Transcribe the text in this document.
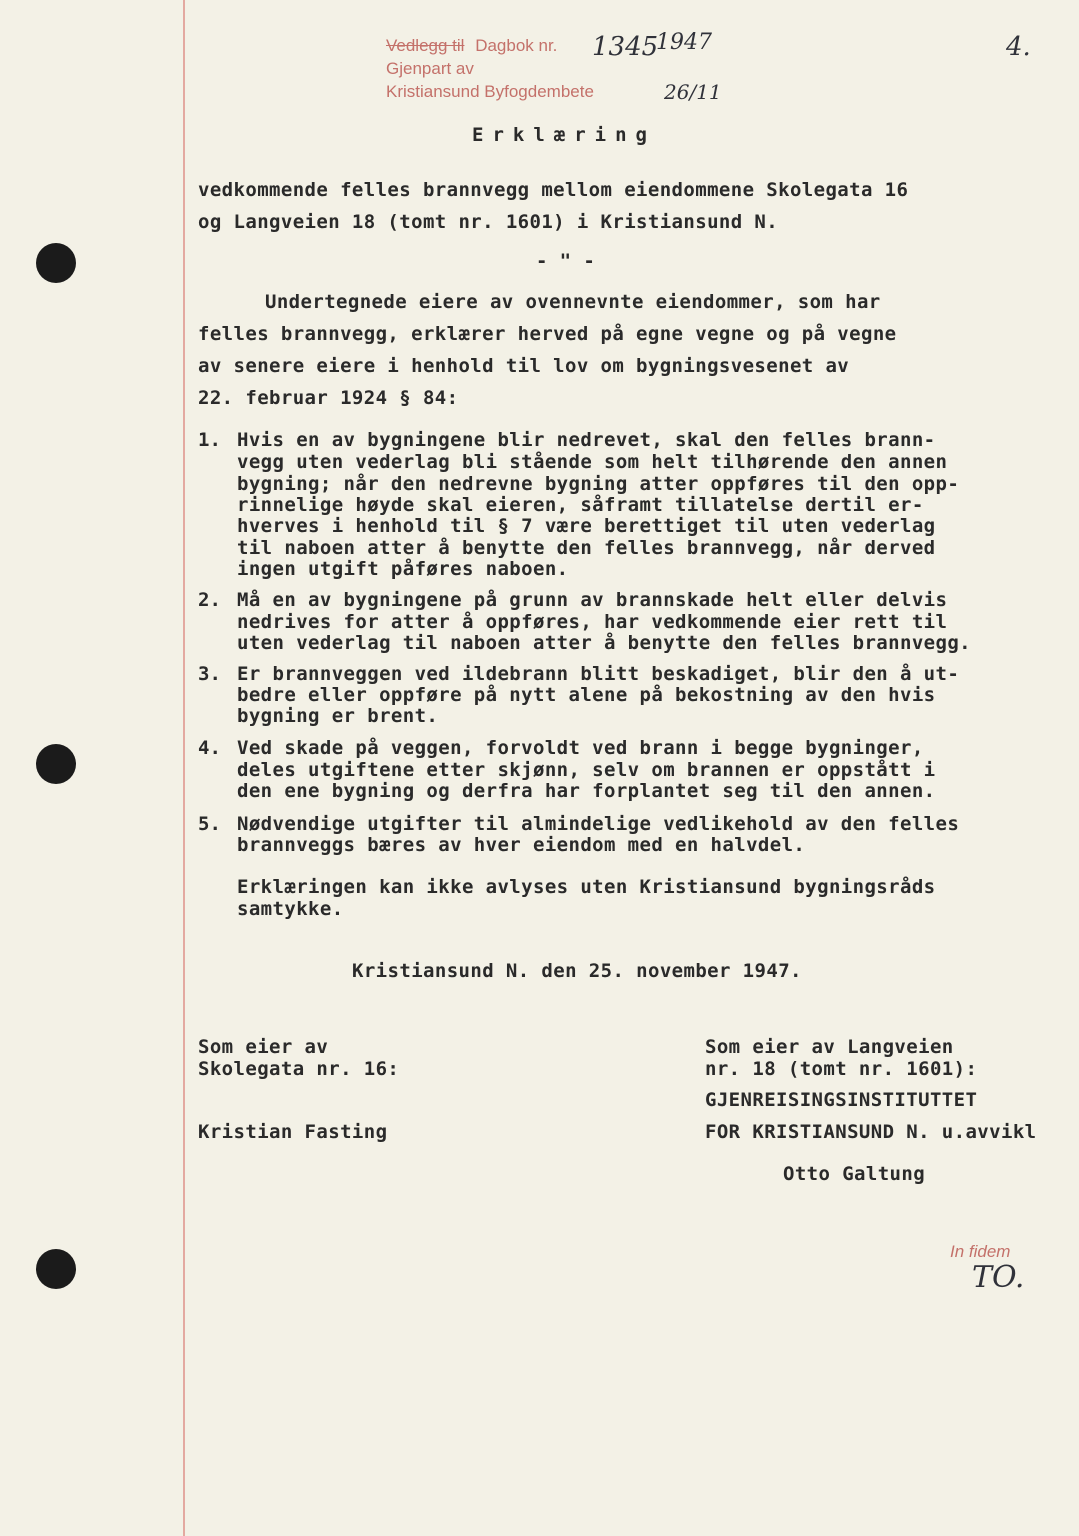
Vedlegg til Dagbok nr.
Gjenpart av
Kristiansund Byfogdembete
1345
1947
26/11
4.
Erklæring
vedkommende felles brannvegg mellom eiendommene Skolegata 16
og Langveien 18 (tomt nr. 1601) i Kristiansund N.
- " -
Undertegnede eiere av ovennevnte eiendommer, som har
felles brannvegg, erklærer herved på egne vegne og på vegne
av senere eiere i henhold til lov om bygningsvesenet av
22. februar 1924 § 84:
1. Hvis en av bygningene blir nedrevet, skal den felles brann-
vegg uten vederlag bli stående som helt tilhørende den annen
bygning; når den nedrevne bygning atter oppføres til den opp-
rinnelige høyde skal eieren, såframt tillatelse dertil er-
hverves i henhold til § 7 være berettiget til uten vederlag
til naboen atter å benytte den felles brannvegg, når derved
ingen utgift påføres naboen.
2. Må en av bygningene på grunn av brannskade helt eller delvis
nedrives for atter å oppføres, har vedkommende eier rett til
uten vederlag til naboen atter å benytte den felles brannvegg.
3. Er brannveggen ved ildebrann blitt beskadiget, blir den å ut-
bedre eller oppføre på nytt alene på bekostning av den hvis
bygning er brent.
4. Ved skade på veggen, forvoldt ved brann i begge bygninger,
deles utgiftene etter skjønn, selv om brannen er oppstått i
den ene bygning og derfra har forplantet seg til den annen.
5. Nødvendige utgifter til almindelige vedlikehold av den felles
brannveggs bæres av hver eiendom med en halvdel.
Erklæringen kan ikke avlyses uten Kristiansund bygningsråds
samtykke.
Kristiansund N. den 25. november 1947.
Som eier av
Skolegata nr. 16:
Kristian Fasting
Som eier av Langveien
nr. 18 (tomt nr. 1601):
GJENREISINGSINSTITUTTET
FOR KRISTIANSUND N. u.avvikl
Otto Galtung
In fidem
TO.
